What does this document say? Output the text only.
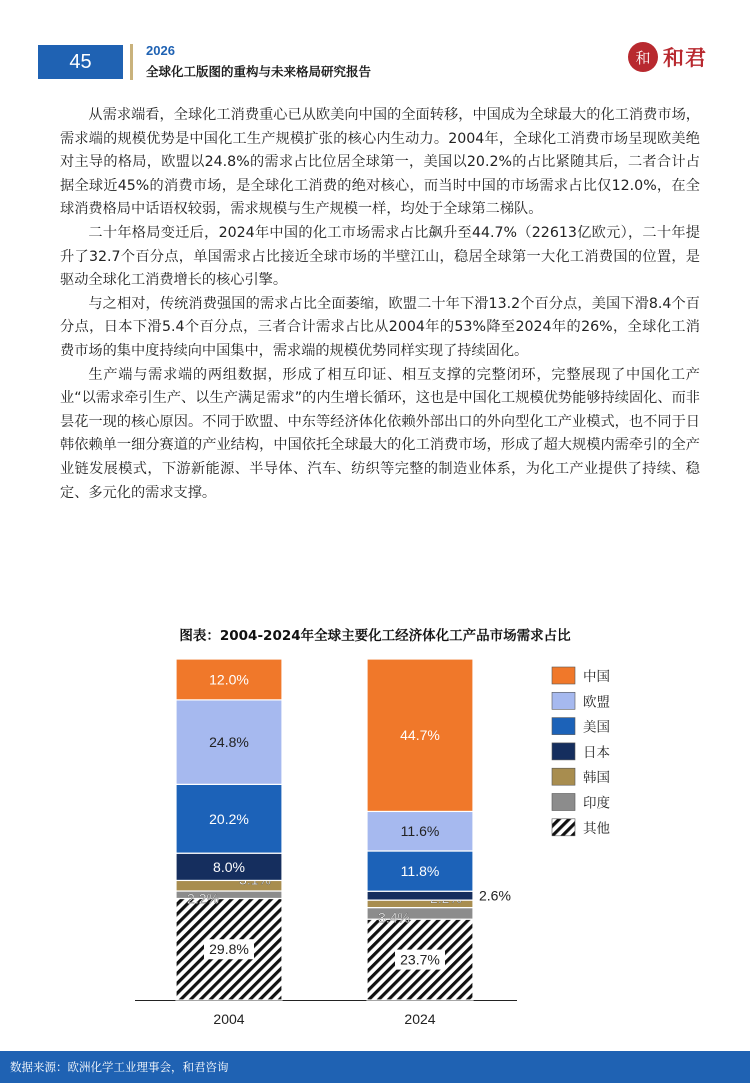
45	2026
全球化工版图的重构与未来格局研究报告
和 和君

从需求端看，全球化工消费重心已从欧美向中国的全面转移，中国成为全球最大的化工消费市场，需求端的规模优势是中国化工生产规模扩张的核心内生动力。2004年，全球化工消费市场呈现欧美绝对主导的格局，欧盟以24.8%的需求占比位居全球第一，美国以20.2%的占比紧随其后，二者合计占据全球近45%的消费市场，是全球化工消费的绝对核心，而当时中国的市场需求占比仅12.0%，在全球消费格局中话语权较弱，需求规模与生产规模一样，均处于全球第二梯队。

二十年格局变迁后，2024年中国的化工市场需求占比飙升至44.7%（22613亿欧元），二十年提升了32.7个百分点，单国需求占比接近全球市场的半壁江山，稳居全球第一大化工消费国的位置，是驱动全球化工消费增长的核心引擎。

与之相对，传统消费强国的需求占比全面萎缩，欧盟二十年下滑13.2个百分点，美国下滑8.4个百分点，日本下滑5.4个百分点，三者合计需求占比从2004年的53%降至2024年的26%，全球化工消费市场的集中度持续向中国集中，需求端的规模优势同样实现了持续固化。

生产端与需求端的两组数据，形成了相互印证、相互支撑的完整闭环，完整展现了中国化工产业“以需求牵引生产、以生产满足需求”的内生增长循环，这也是中国化工规模优势能够持续固化、而非昙花一现的核心原因。不同于欧盟、中东等经济体化依赖外部出口的外向型化工产业模式，也不同于日韩依赖单一细分赛道的产业结构，中国依托全球最大的化工消费市场，形成了超大规模内需牵引的全产业链发展模式，下游新能源、半导体、汽车、纺织等完整的制造业体系，为化工产业提供了持续、稳定、多元化的需求支撑。

图表：2004-2024年全球主要化工经济体化工产品市场需求占比
29.8%
2.2%
8.0%
20.2%
24.8%
12.0%
2004
23.7%
3.4%
2.6%
11.8%
11.6%
44.7%
2024
中国
欧盟
美国
日本
韩国
印度
其他
数据来源：欧洲化学工业理事会，和君咨询
